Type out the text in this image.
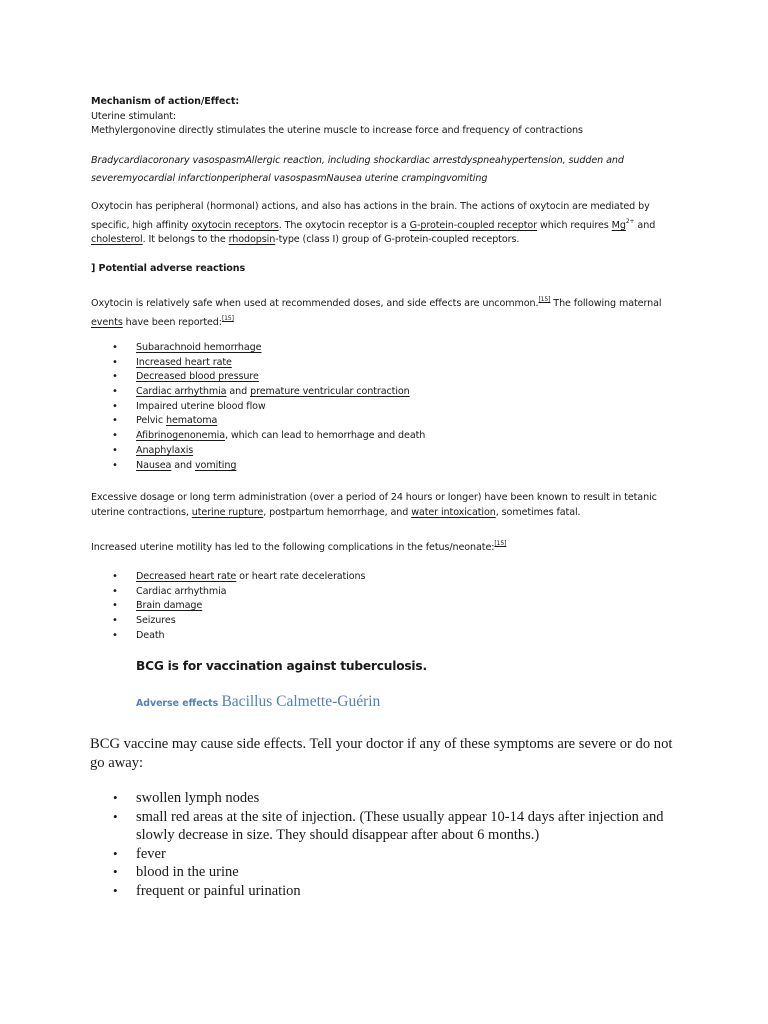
Mechanism of action/Effect:

Uterine stimulant:

Methylergonovine directly stimulates the uterine muscle to increase force and frequency of contractions

Bradycardiacoronary vasospasmAllergic reaction, including shockardiac arrestdyspneahypertension, sudden and severemyocardial infarctionperipheral vasospasmNausea uterine crampingvomiting
Oxytocin has peripheral (hormonal) actions, and also has actions in the brain. The actions of oxytocin are mediated by specific, high affinity oxytocin receptors. The oxytocin receptor is a G-protein-coupled receptor which requires $Mg^{2+}$ and cholesterol. It belongs to the rhodopsin-type (class I) group of G-protein-coupled receptors.

] Potential adverse reactions

Oxytocin is relatively safe when used at recommended doses, and side effects are uncommon.[15] The following maternal events have been reported:[15]
• Subarachnoid hemorrhage
• Increased heart rate
• Decreased blood pressure
• Cardiac arrhythmia and premature ventricular contraction
• Impaired uterine blood flow
• Pelvic hematoma
• Afibrinogenonemia, which can lead to hemorrhage and death
• Anaphylaxis
• Nausea and vomiting
Excessive dosage or long term administration (over a period of 24 hours or longer) have been known to result in tetanic uterine contractions, uterine rupture, postpartum hemorrhage, and water intoxication, sometimes fatal.
Increased uterine motility has led to the following complications in the fetus/neonate:[15]
• Decreased heart rate or heart rate decelerations
• Cardiac arrhythmia
• Brain damage
• Seizures
• Death

BCG is for vaccination against tuberculosis.

Adverse effects Bacillus Calmette-Guérin

BCG vaccine may cause side effects. Tell your doctor if any of these symptoms are severe or do not go away:

• swollen lymph nodes
• small red areas at the site of injection. (These usually appear 10-14 days after injection and slowly decrease in size. They should disappear after about 6 months.)
• fever
• blood in the urine
• frequent or painful urination
